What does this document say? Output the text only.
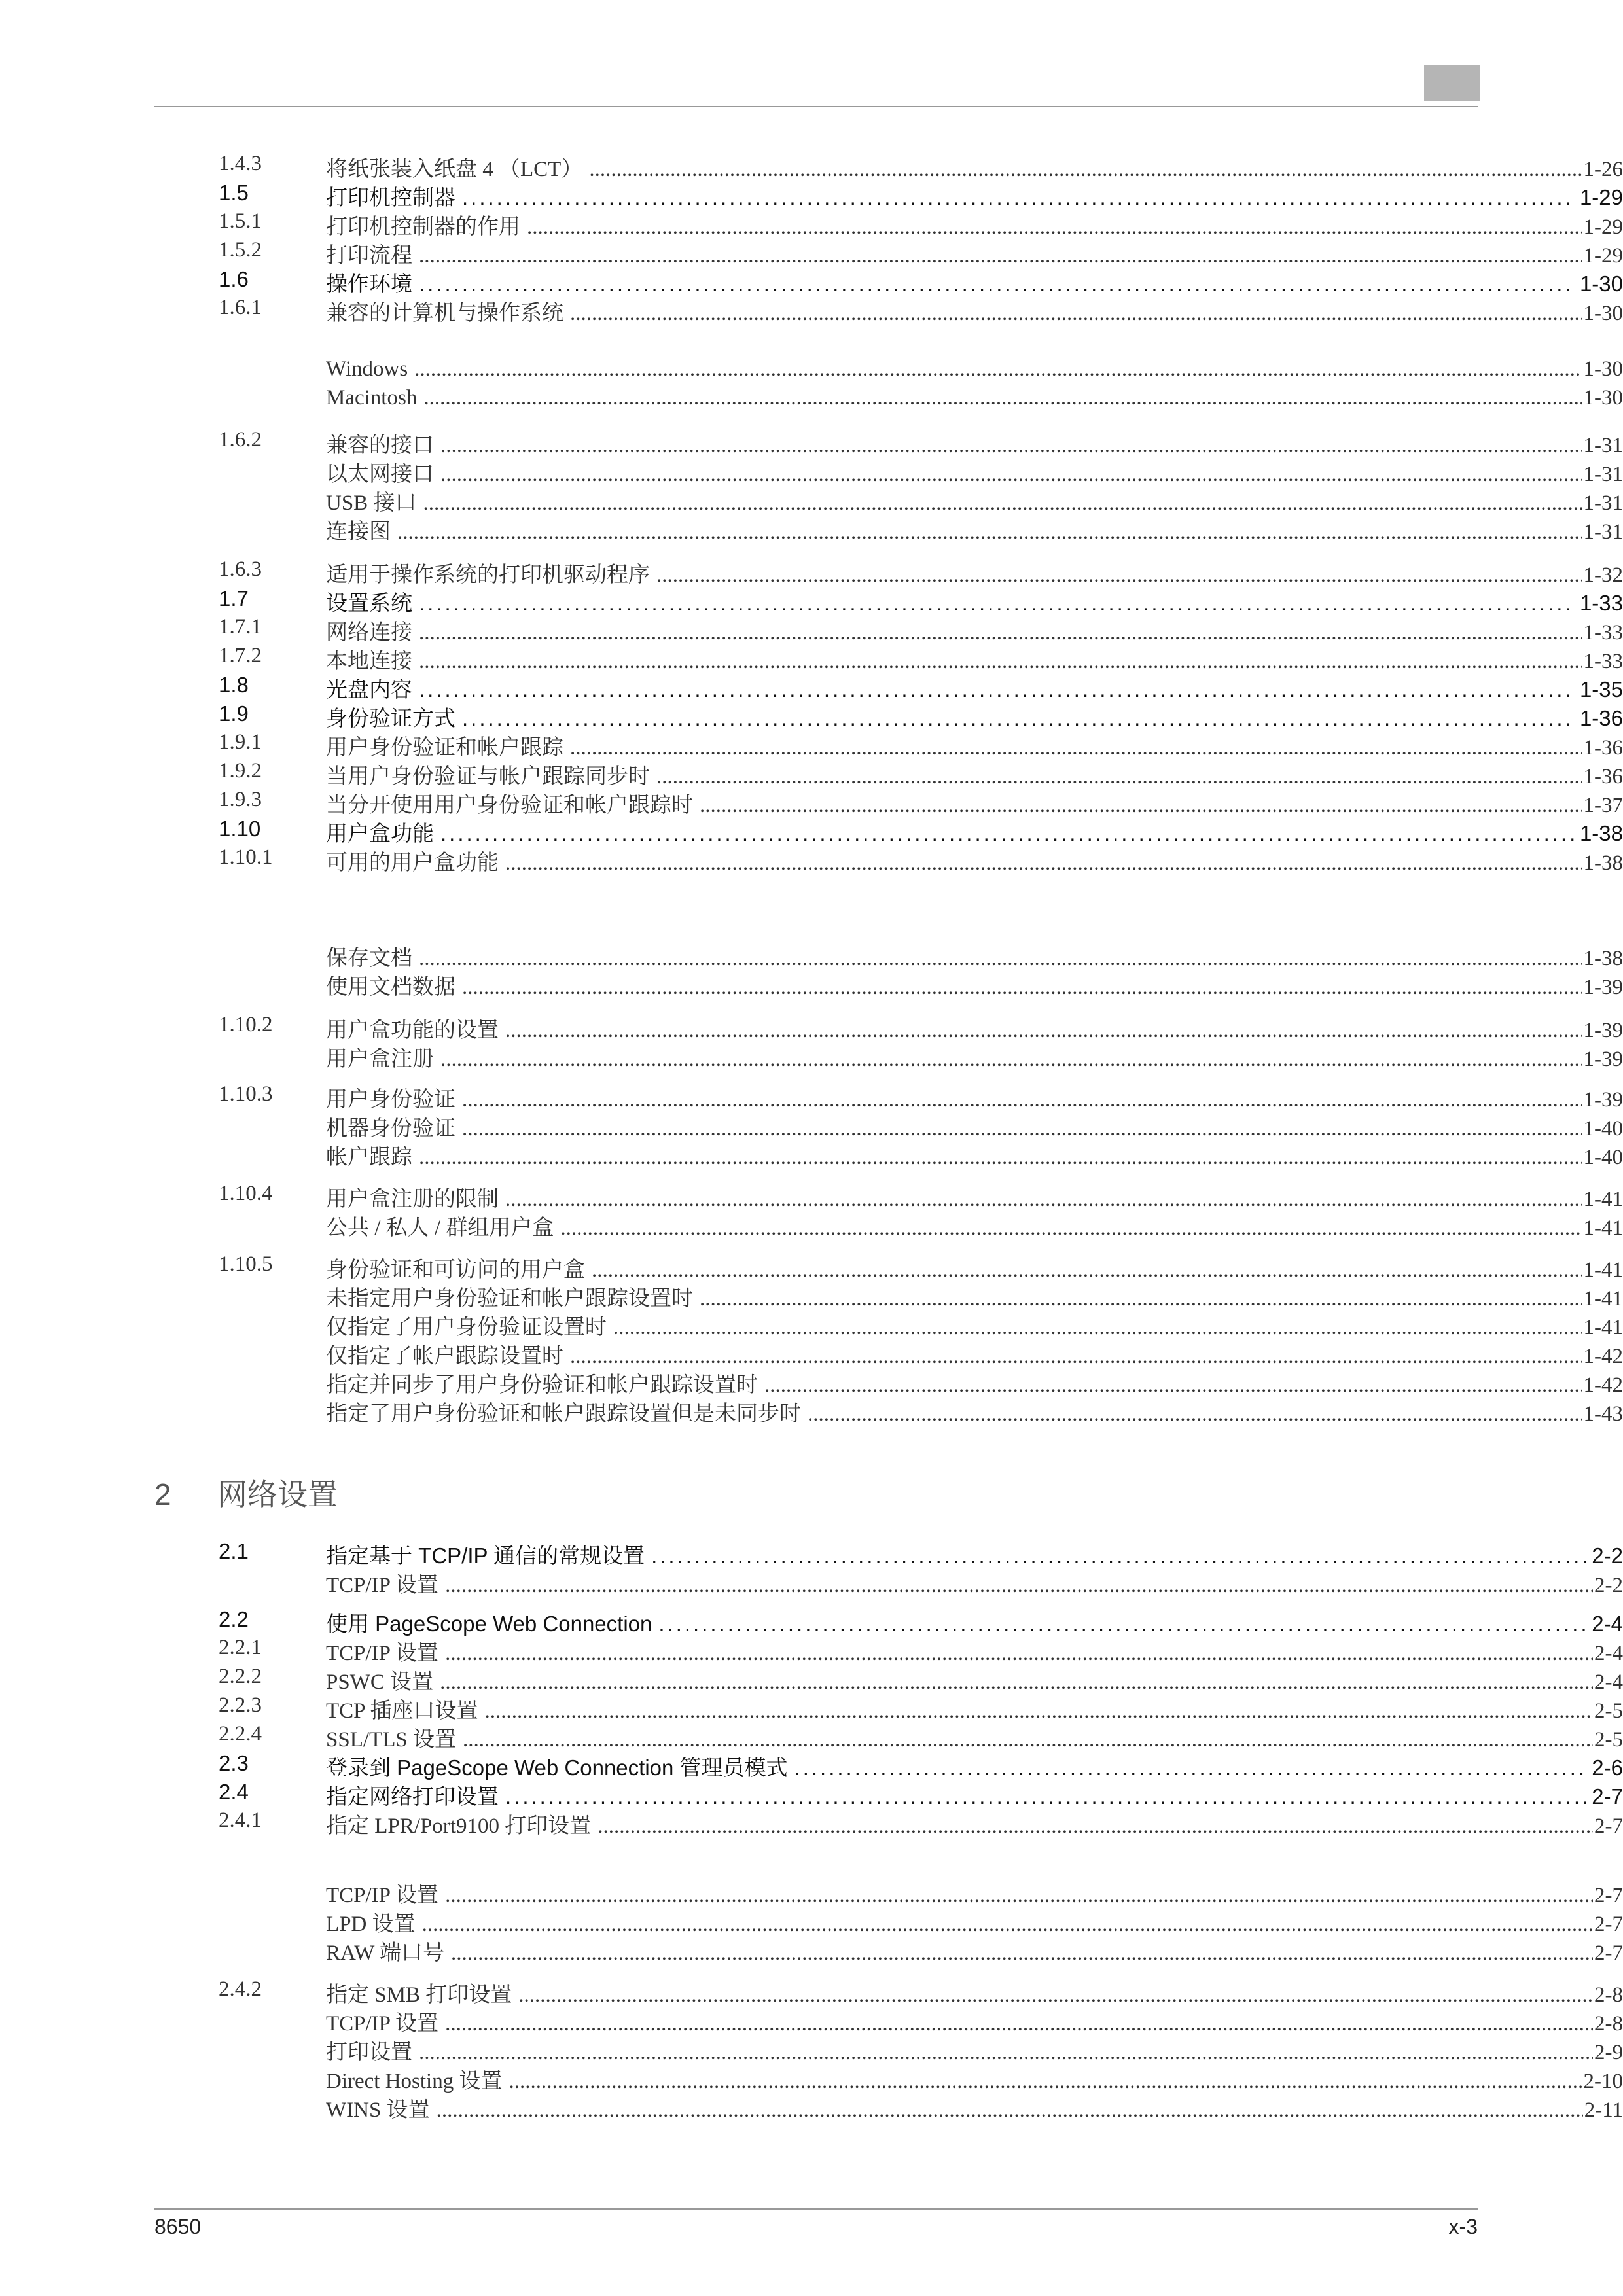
1.4.3	将纸张装入纸盘 4 （LCT） .....	1-26
1.5	打印机控制器 .....	1-29
1.5.1	打印机控制器的作用 .....	1-29
1.5.2	打印流程 .....	1-29
1.6	操作环境 .....	1-30
1.6.1	兼容的计算机与操作系统 .....	1-30
Windows .....	1-30
Macintosh .....	1-30
1.6.2	兼容的接口 .....	1-31
以太网接口 .....	1-31
USB 接口 .....	1-31
连接图 .....	1-31
1.6.3	适用于操作系统的打印机驱动程序 .....	1-32
1.7	设置系统 .....	1-33
1.7.1	网络连接 .....	1-33
1.7.2	本地连接 .....	1-33
1.8	光盘内容 .....	1-35
1.9	身份验证方式 .....	1-36
1.9.1	用户身份验证和帐户跟踪 .....	1-36
1.9.2	当用户身份验证与帐户跟踪同步时 .....	1-36
1.9.3	当分开使用用户身份验证和帐户跟踪时 .....	1-37
1.10	用户盒功能 .....	1-38
1.10.1	可用的用户盒功能 .....	1-38
保存文档 .....	1-38
使用文档数据 .....	1-39
1.10.2	用户盒功能的设置 .....	1-39
用户盒注册 .....	1-39
1.10.3	用户身份验证 .....	1-39
机器身份验证 .....	1-40
帐户跟踪 .....	1-40
1.10.4	用户盒注册的限制 .....	1-41
公共 / 私人 / 群组用户盒 .....	1-41
1.10.5	身份验证和可访问的用户盒 .....	1-41
未指定用户身份验证和帐户跟踪设置时 .....	1-41
仅指定了用户身份验证设置时 .....	1-41
仅指定了帐户跟踪设置时 .....	1-42
指定并同步了用户身份验证和帐户跟踪设置时 .....	1-42
指定了用户身份验证和帐户跟踪设置但是未同步时 .....	1-43
2.1	指定基于 TCP/IP 通信的常规设置 .....	2-2
TCP/IP 设置 .....	2-2
2.2	使用 PageScope Web Connection .....	2-4
2.2.1	TCP/IP 设置 .....	2-4
2.2.2	PSWC 设置 .....	2-4
2.2.3	TCP 插座口设置 .....	2-5
2.2.4	SSL/TLS 设置 .....	2-5
2.3	登录到 PageScope Web Connection 管理员模式 .....	2-6
2.4	指定网络打印设置 .....	2-7
2.4.1	指定 LPR/Port9100 打印设置 .....	2-7
TCP/IP 设置 .....	2-7
LPD 设置 .....	2-7
RAW 端口号 .....	2-7
2.4.2	指定 SMB 打印设置 .....	2-8
TCP/IP 设置 .....	2-8
打印设置 .....	2-9
Direct Hosting 设置 .....	2-10
WINS 设置 .....	2-11
2 网络设置
8650	x-3
